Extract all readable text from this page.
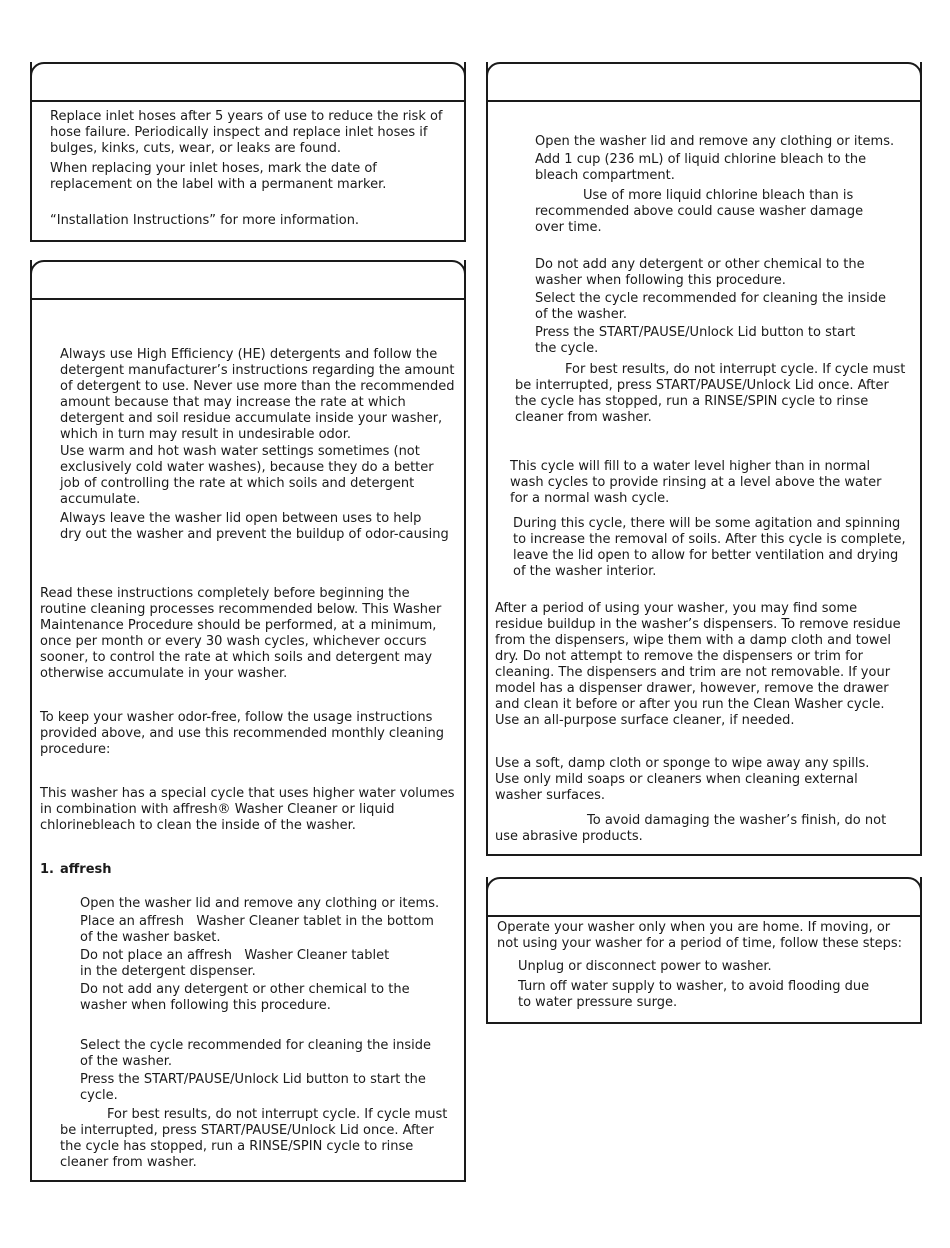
Replace inlet hoses after 5 years of use to reduce the risk of
hose failure. Periodically inspect and replace inlet hoses if
bulges, kinks, cuts, wear, or leaks are found.
When replacing your inlet hoses, mark the date of
replacement on the label with a permanent marker.
“Installation Instructions” for more information.
Always use High Efficiency (HE) detergents and follow the
detergent manufacturer’s instructions regarding the amount
of detergent to use. Never use more than the recommended
amount because that may increase the rate at which
detergent and soil residue accumulate inside your washer,
which in turn may result in undesirable odor.
Use warm and hot wash water settings sometimes (not
exclusively cold water washes), because they do a better
job of controlling the rate at which soils and detergent
accumulate.
Always leave the washer lid open between uses to help
dry out the washer and prevent the buildup of odor-causing
Read these instructions completely before beginning the
routine cleaning processes recommended below. This Washer
Maintenance Procedure should be performed, at a minimum,
once per month or every 30 wash cycles, whichever occurs
sooner, to control the rate at which soils and detergent may
otherwise accumulate in your washer.
To keep your washer odor-free, follow the usage instructions
provided above, and use this recommended monthly cleaning
procedure:
This washer has a special cycle that uses higher water volumes
in combination with affresh® Washer Cleaner or liquid
chlorinebleach to clean the inside of the washer.
1. affresh
Open the washer lid and remove any clothing or items.
Place an affresh   Washer Cleaner tablet in the bottom
of the washer basket.
Do not place an affresh   Washer Cleaner tablet
in the detergent dispenser.
Do not add any detergent or other chemical to the
washer when following this procedure.
Select the cycle recommended for cleaning the inside
of the washer.
Press the START/PAUSE/Unlock Lid button to start the
cycle.
For best results, do not interrupt cycle. If cycle must
be interrupted, press START/PAUSE/Unlock Lid once. After
the cycle has stopped, run a RINSE/SPIN cycle to rinse
cleaner from washer.
Open the washer lid and remove any clothing or items.
Add 1 cup (236 mL) of liquid chlorine bleach to the
bleach compartment.
Use of more liquid chlorine bleach than is
recommended above could cause washer damage
over time.
Do not add any detergent or other chemical to the
washer when following this procedure.
Select the cycle recommended for cleaning the inside
of the washer.
Press the START/PAUSE/Unlock Lid button to start
the cycle.
For best results, do not interrupt cycle. If cycle must
be interrupted, press START/PAUSE/Unlock Lid once. After
the cycle has stopped, run a RINSE/SPIN cycle to rinse
cleaner from washer.
This cycle will fill to a water level higher than in normal
wash cycles to provide rinsing at a level above the water
for a normal wash cycle.
During this cycle, there will be some agitation and spinning
to increase the removal of soils. After this cycle is complete,
leave the lid open to allow for better ventilation and drying
of the washer interior.
After a period of using your washer, you may find some
residue buildup in the washer’s dispensers. To remove residue
from the dispensers, wipe them with a damp cloth and towel
dry. Do not attempt to remove the dispensers or trim for
cleaning. The dispensers and trim are not removable. If your
model has a dispenser drawer, however, remove the drawer
and clean it before or after you run the Clean Washer cycle.
Use an all-purpose surface cleaner, if needed.
Use a soft, damp cloth or sponge to wipe away any spills.
Use only mild soaps or cleaners when cleaning external
washer surfaces.
To avoid damaging the washer’s finish, do not
use abrasive products.
Operate your washer only when you are home. If moving, or
not using your washer for a period of time, follow these steps:
Unplug or disconnect power to washer.
Turn off water supply to washer, to avoid flooding due
to water pressure surge.
